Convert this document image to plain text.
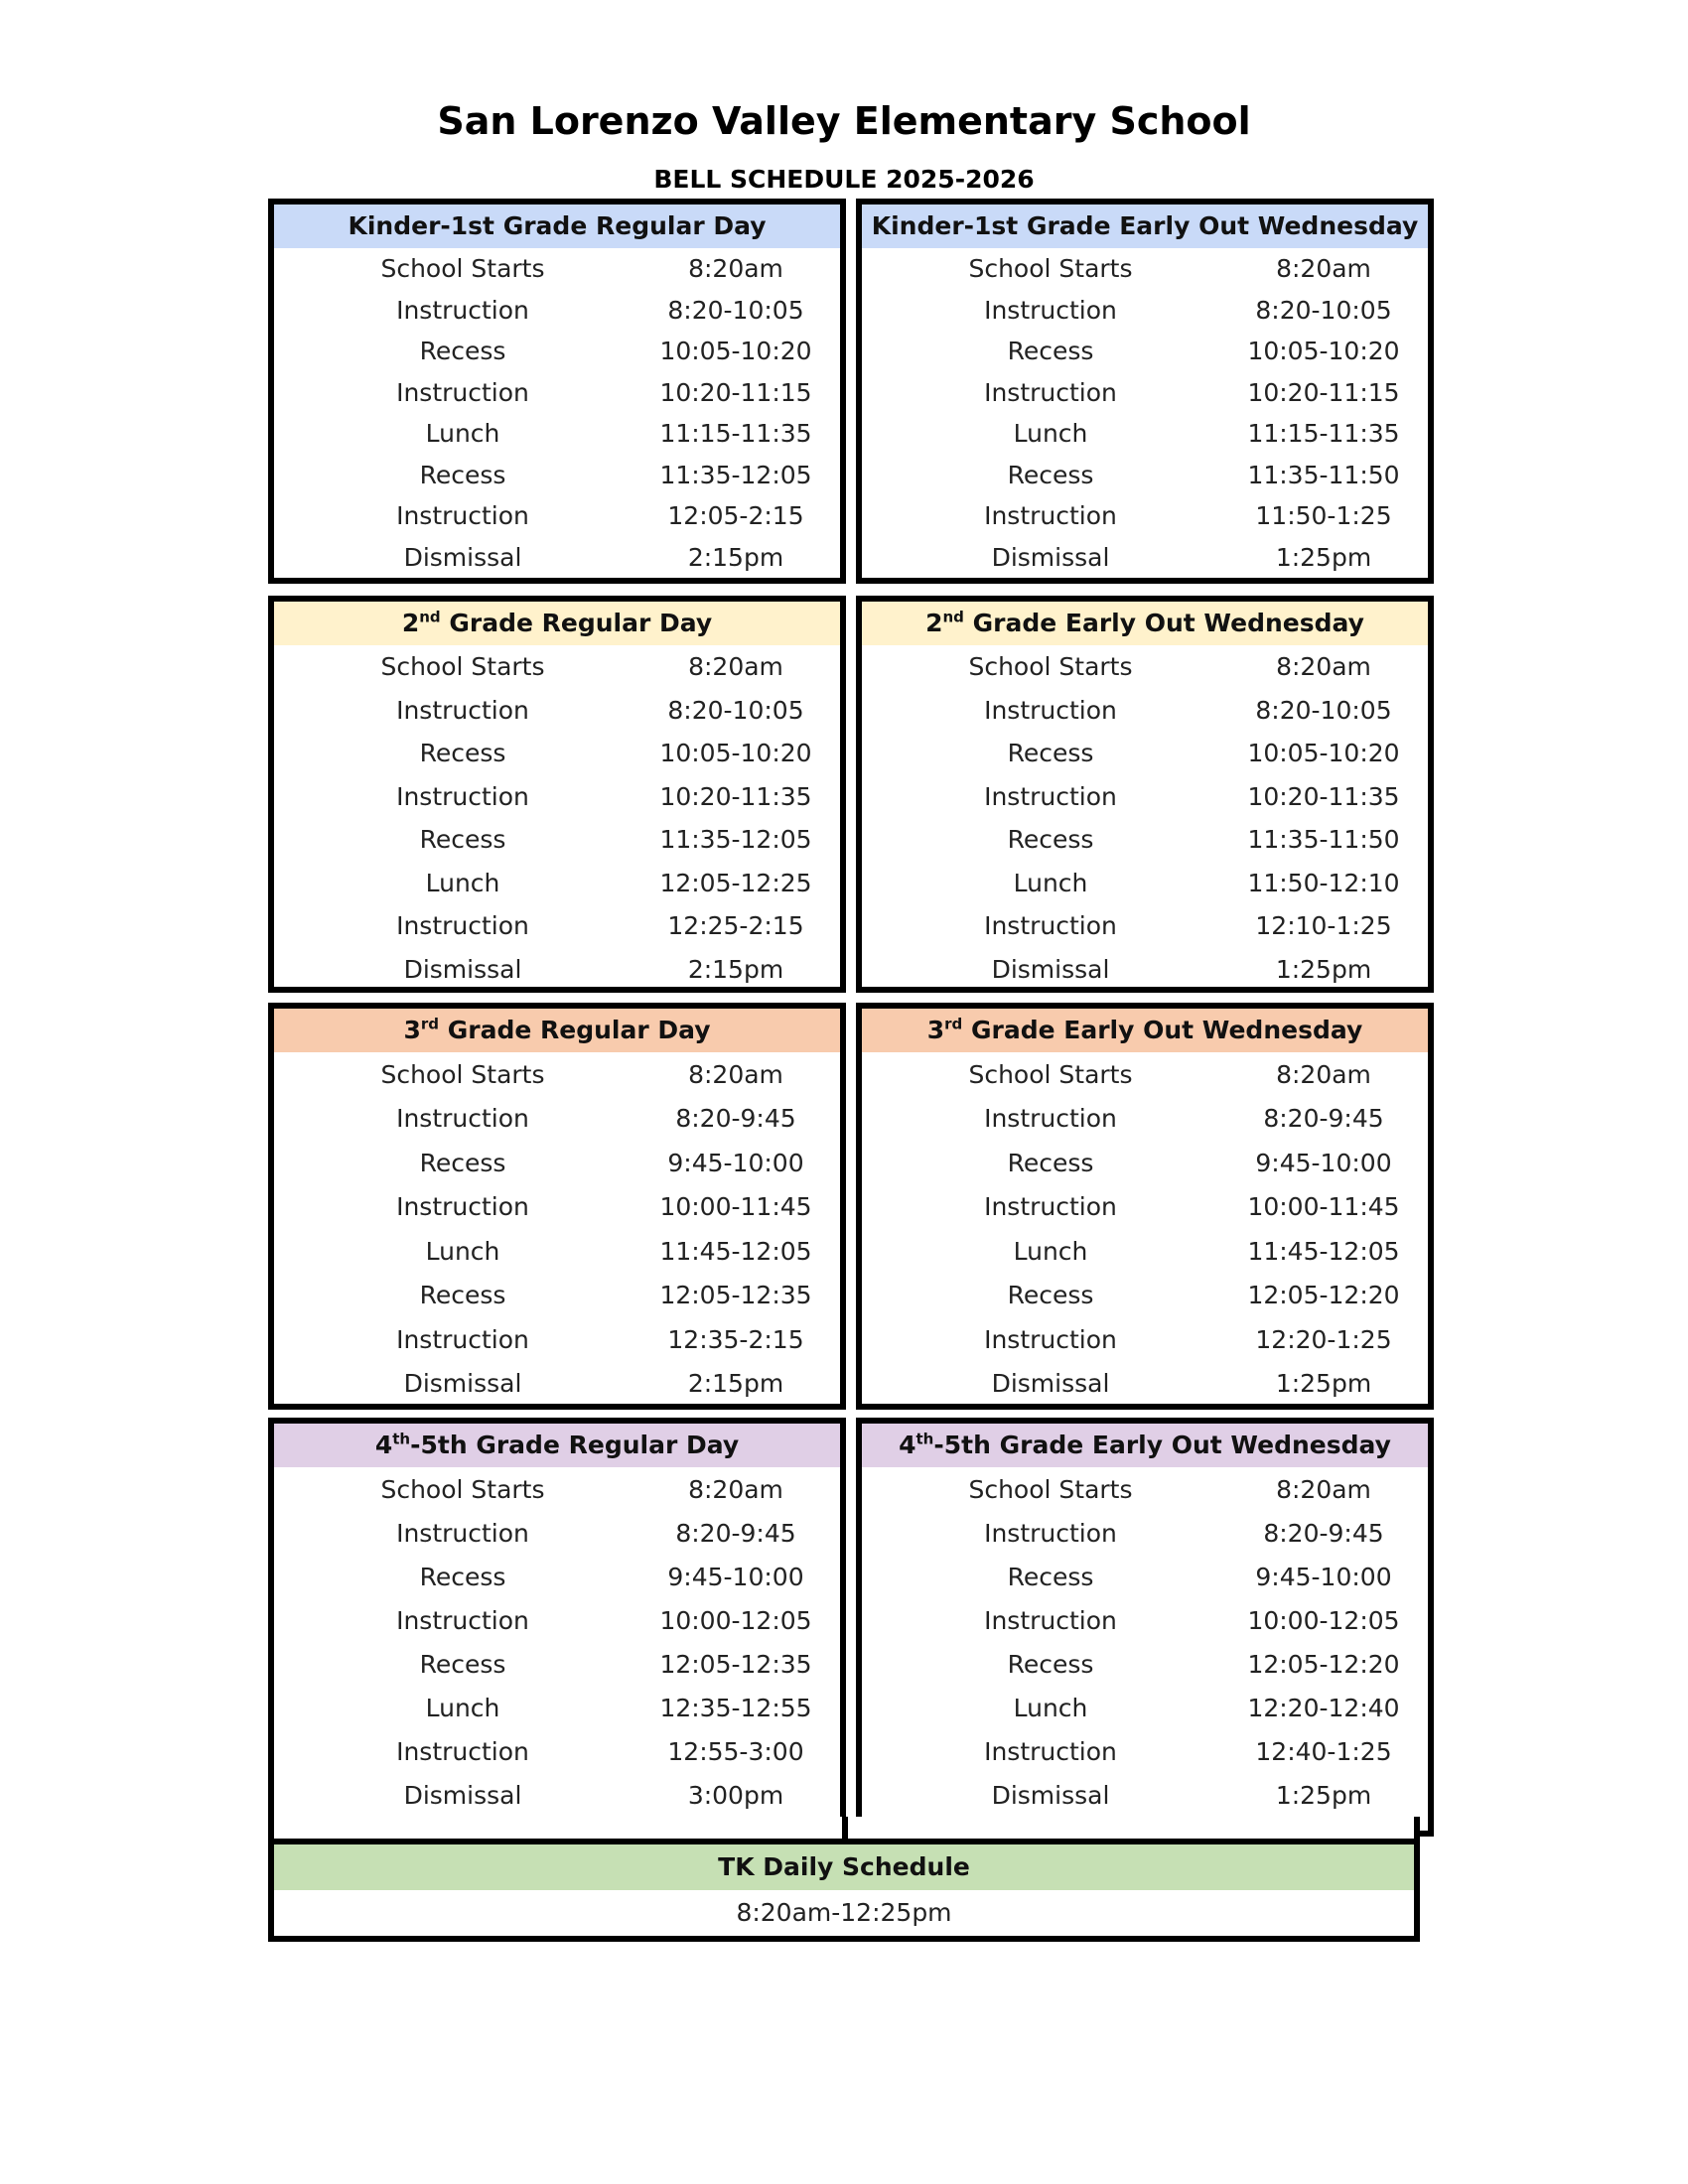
San Lorenzo Valley Elementary School
BELL SCHEDULE 2025-2026
Kinder-1st Grade Regular Day
School Starts	8:20am
Instruction	8:20-10:05
Recess	10:05-10:20
Instruction	10:20-11:15
Lunch	11:15-11:35
Recess	11:35-12:05
Instruction	12:05-2:15
Dismissal	2:15pm
Kinder-1st Grade Early Out Wednesday
School Starts	8:20am
Instruction	8:20-10:05
Recess	10:05-10:20
Instruction	10:20-11:15
Lunch	11:15-11:35
Recess	11:35-11:50
Instruction	11:50-1:25
Dismissal	1:25pm
2nd Grade Regular Day
School Starts	8:20am
Instruction	8:20-10:05
Recess	10:05-10:20
Instruction	10:20-11:35
Recess	11:35-12:05
Lunch	12:05-12:25
Instruction	12:25-2:15
Dismissal	2:15pm
2nd Grade Early Out Wednesday
School Starts	8:20am
Instruction	8:20-10:05
Recess	10:05-10:20
Instruction	10:20-11:35
Recess	11:35-11:50
Lunch	11:50-12:10
Instruction	12:10-1:25
Dismissal	1:25pm
3rd Grade Regular Day
School Starts	8:20am
Instruction	8:20-9:45
Recess	9:45-10:00
Instruction	10:00-11:45
Lunch	11:45-12:05
Recess	12:05-12:35
Instruction	12:35-2:15
Dismissal	2:15pm
3rd Grade Early Out Wednesday
School Starts	8:20am
Instruction	8:20-9:45
Recess	9:45-10:00
Instruction	10:00-11:45
Lunch	11:45-12:05
Recess	12:05-12:20
Instruction	12:20-1:25
Dismissal	1:25pm
4th-5th Grade Regular Day
School Starts	8:20am
Instruction	8:20-9:45
Recess	9:45-10:00
Instruction	10:00-12:05
Recess	12:05-12:35
Lunch	12:35-12:55
Instruction	12:55-3:00
Dismissal	3:00pm
4th-5th Grade Early Out Wednesday
School Starts	8:20am
Instruction	8:20-9:45
Recess	9:45-10:00
Instruction	10:00-12:05
Recess	12:05-12:20
Lunch	12:20-12:40
Instruction	12:40-1:25
Dismissal	1:25pm
TK Daily Schedule
8:20am-12:25pm
